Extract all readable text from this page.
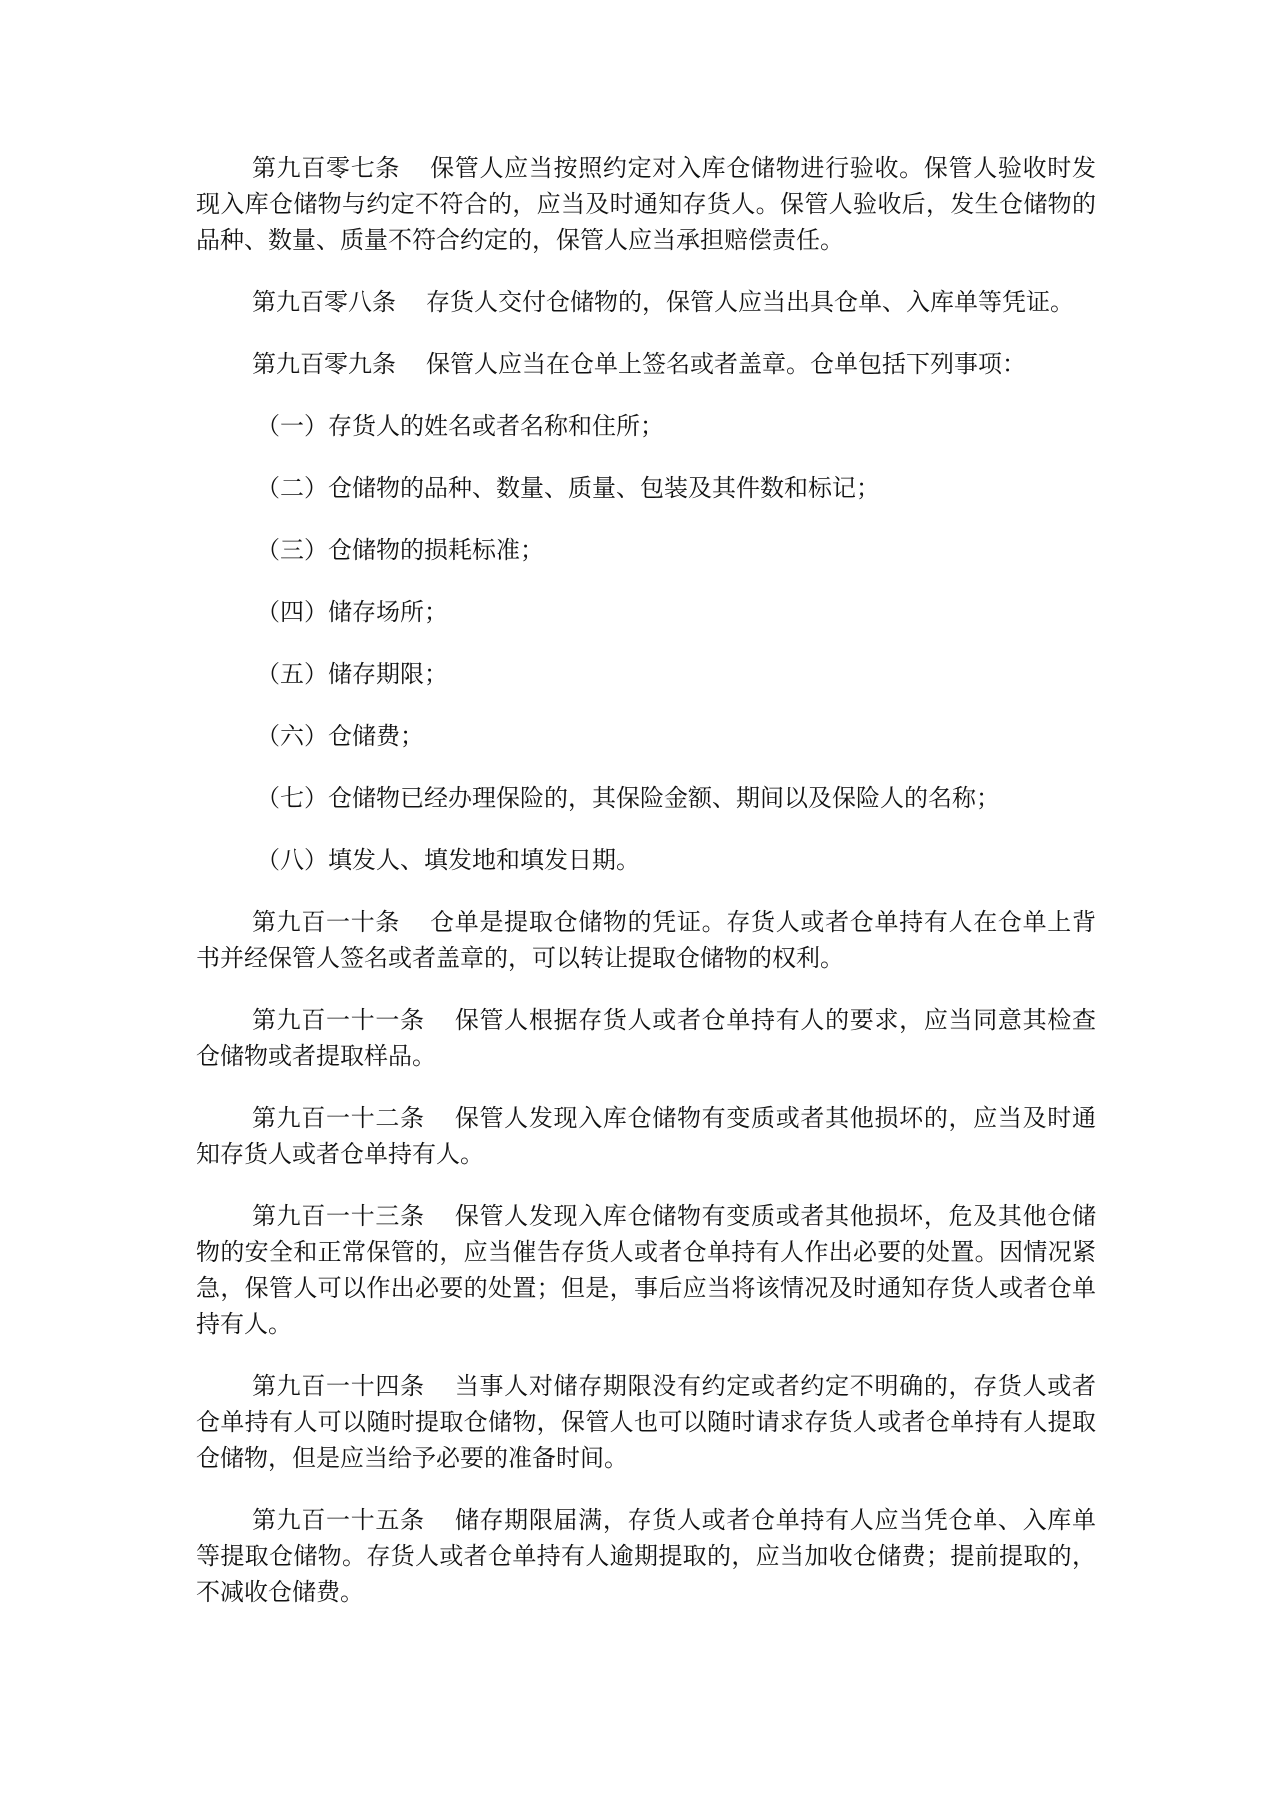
第九百零七条 保管人应当按照约定对入库仓储物进行验收。保管人验收时发现入库仓储物与约定不符合的，应当及时通知存货人。保管人验收后，发生仓储物的品种、数量、质量不符合约定的，保管人应当承担赔偿责任。

第九百零八条 存货人交付仓储物的，保管人应当出具仓单、入库单等凭证。

第九百零九条 保管人应当在仓单上签名或者盖章。仓单包括下列事项：

（一）存货人的姓名或者名称和住所；

（二）仓储物的品种、数量、质量、包装及其件数和标记；

（三）仓储物的损耗标准；

（四）储存场所；

（五）储存期限；

（六）仓储费；

（七）仓储物已经办理保险的，其保险金额、期间以及保险人的名称；

（八）填发人、填发地和填发日期。

第九百一十条 仓单是提取仓储物的凭证。存货人或者仓单持有人在仓单上背书并经保管人签名或者盖章的，可以转让提取仓储物的权利。

第九百一十一条 保管人根据存货人或者仓单持有人的要求，应当同意其检查仓储物或者提取样品。

第九百一十二条 保管人发现入库仓储物有变质或者其他损坏的，应当及时通知存货人或者仓单持有人。

第九百一十三条 保管人发现入库仓储物有变质或者其他损坏，危及其他仓储物的安全和正常保管的，应当催告存货人或者仓单持有人作出必要的处置。因情况紧急，保管人可以作出必要的处置；但是，事后应当将该情况及时通知存货人或者仓单持有人。

第九百一十四条 当事人对储存期限没有约定或者约定不明确的，存货人或者仓单持有人可以随时提取仓储物，保管人也可以随时请求存货人或者仓单持有人提取仓储物，但是应当给予必要的准备时间。

第九百一十五条 储存期限届满，存货人或者仓单持有人应当凭仓单、入库单等提取仓储物。存货人或者仓单持有人逾期提取的，应当加收仓储费；提前提取的，不减收仓储费。
